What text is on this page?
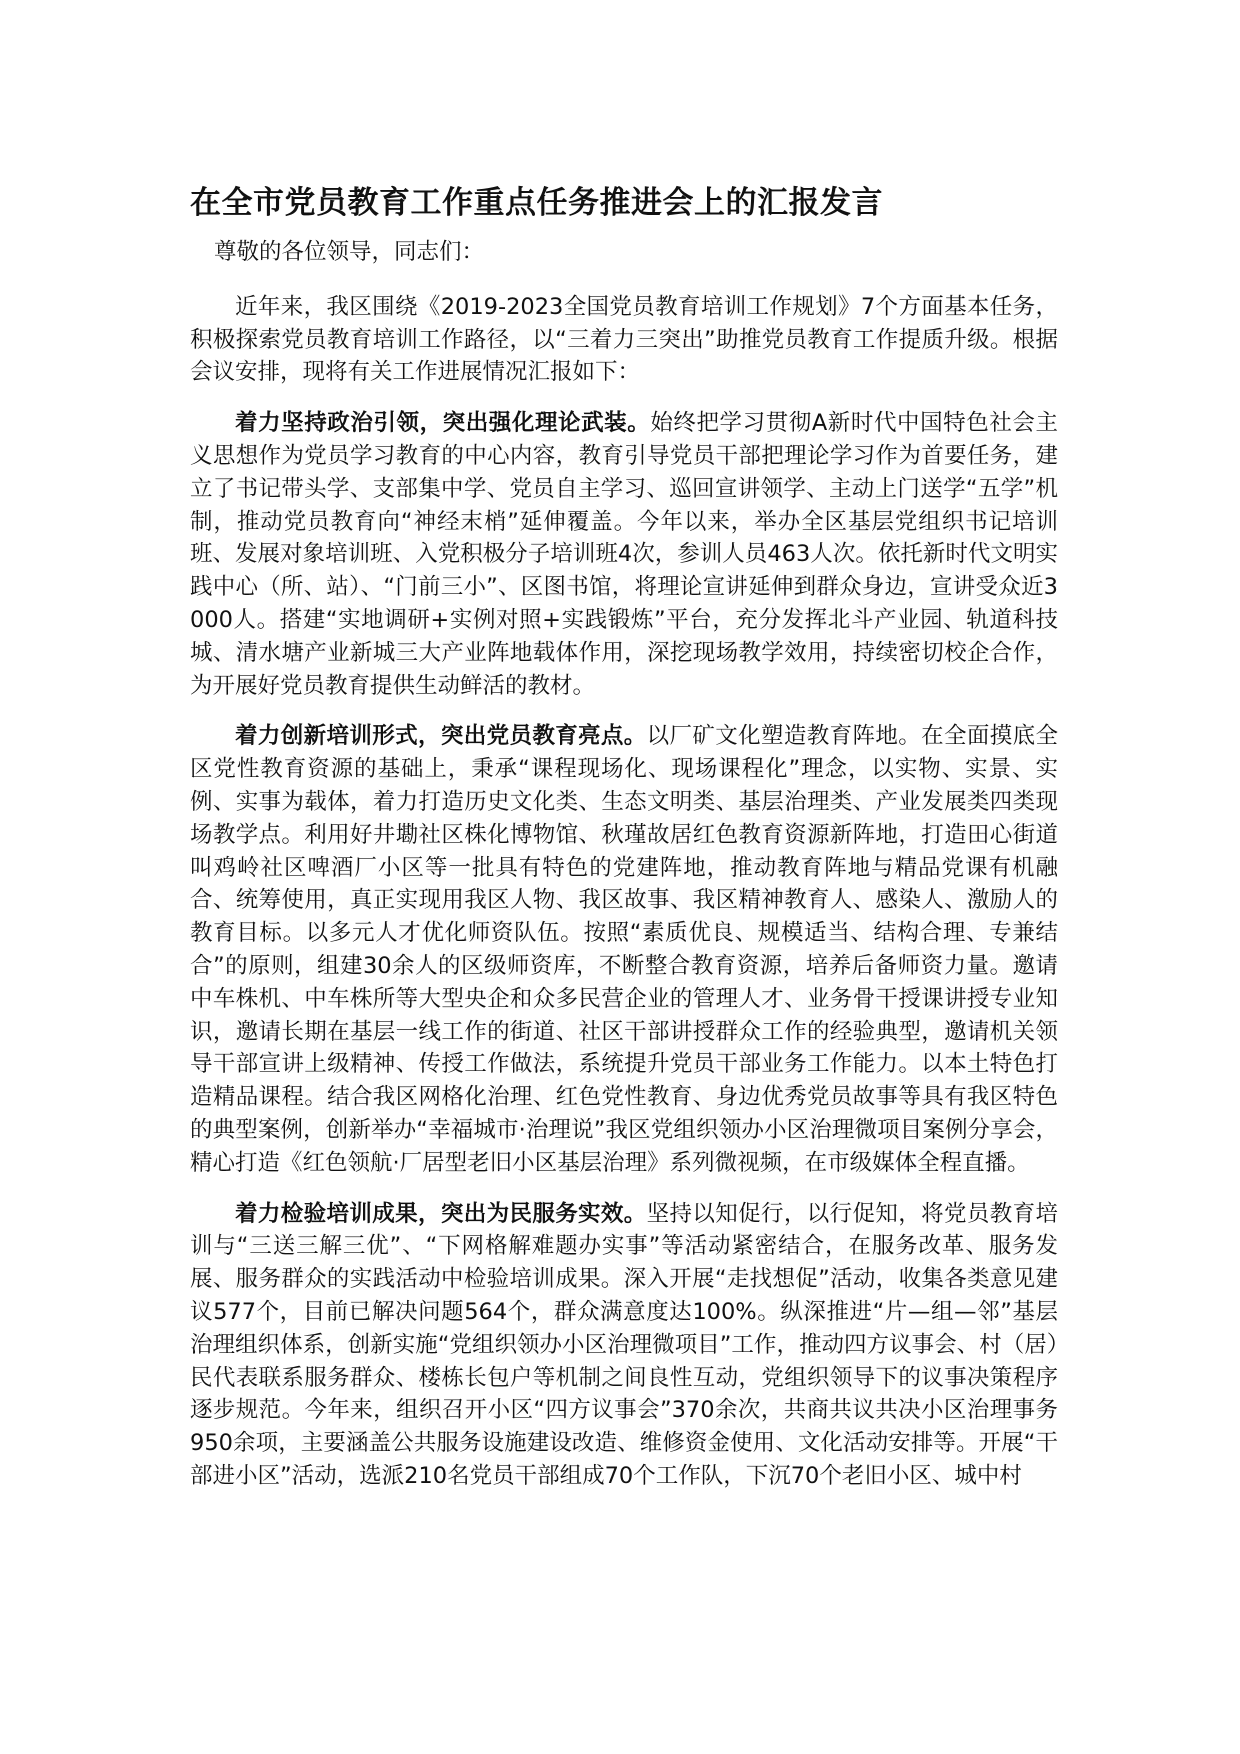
在全市党员教育工作重点任务推进会上的汇报发言

尊敬的各位领导，同志们：

近年来，我区围绕《2019-2023全国党员教育培训工作规划》7个方面基本任务，积极探索党员教育培训工作路径，以“三着力三突出”助推党员教育工作提质升级。根据会议安排，现将有关工作进展情况汇报如下：

着力坚持政治引领，突出强化理论武装。始终把学习贯彻A新时代中国特色社会主义思想作为党员学习教育的中心内容，教育引导党员干部把理论学习作为首要任务，建立了书记带头学、支部集中学、党员自主学习、巡回宣讲领学、主动上门送学“五学”机制，推动党员教育向“神经末梢”延伸覆盖。今年以来，举办全区基层党组织书记培训班、发展对象培训班、入党积极分子培训班4次，参训人员463人次。依托新时代文明实践中心（所、站）、“门前三小”、区图书馆，将理论宣讲延伸到群众身边，宣讲受众近3000人。搭建“实地调研+实例对照+实践锻炼”平台，充分发挥北斗产业园、轨道科技城、清水塘产业新城三大产业阵地载体作用，深挖现场教学效用，持续密切校企合作，为开展好党员教育提供生动鲜活的教材。

着力创新培训形式，突出党员教育亮点。以厂矿文化塑造教育阵地。在全面摸底全区党性教育资源的基础上，秉承“课程现场化、现场课程化”理念，以实物、实景、实例、实事为载体，着力打造历史文化类、生态文明类、基层治理类、产业发展类四类现场教学点。利用好井墈社区株化博物馆、秋瑾故居红色教育资源新阵地，打造田心街道叫鸡岭社区啤酒厂小区等一批具有特色的党建阵地，推动教育阵地与精品党课有机融合、统筹使用，真正实现用我区人物、我区故事、我区精神教育人、感染人、激励人的教育目标。以多元人才优化师资队伍。按照“素质优良、规模适当、结构合理、专兼结合”的原则，组建30余人的区级师资库，不断整合教育资源，培养后备师资力量。邀请中车株机、中车株所等大型央企和众多民营企业的管理人才、业务骨干授课讲授专业知识，邀请长期在基层一线工作的街道、社区干部讲授群众工作的经验典型，邀请机关领导干部宣讲上级精神、传授工作做法，系统提升党员干部业务工作能力。以本土特色打造精品课程。结合我区网格化治理、红色党性教育、身边优秀党员故事等具有我区特色的典型案例，创新举办“幸福城市·治理说”我区党组织领办小区治理微项目案例分享会，精心打造《红色领航·厂居型老旧小区基层治理》系列微视频，在市级媒体全程直播。

着力检验培训成果，突出为民服务实效。坚持以知促行，以行促知，将党员教育培训与“三送三解三优”、“下网格解难题办实事”等活动紧密结合，在服务改革、服务发展、服务群众的实践活动中检验培训成果。深入开展“走找想促”活动，收集各类意见建议577个，目前已解决问题564个，群众满意度达100%。纵深推进“片—组—邻”基层治理组织体系，创新实施“党组织领办小区治理微项目”工作，推动四方议事会、村（居）民代表联系服务群众、楼栋长包户等机制之间良性互动，党组织领导下的议事决策程序逐步规范。今年来，组织召开小区“四方议事会”370余次，共商共议共决小区治理事务950余项，主要涵盖公共服务设施建设改造、维修资金使用、文化活动安排等。开展“干部进小区”活动，选派210名党员干部组成70个工作队，下沉70个老旧小区、城中村
